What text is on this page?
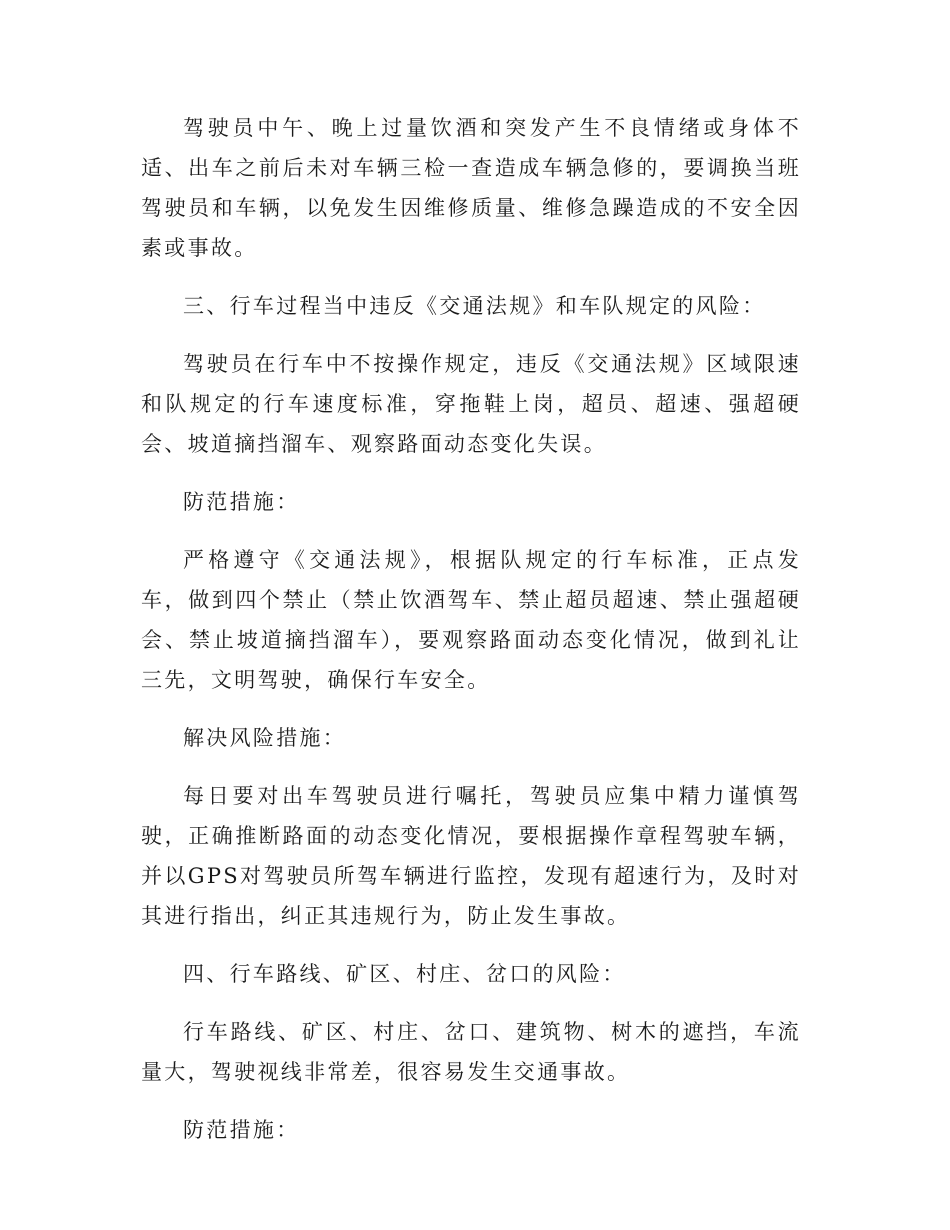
驾驶员中午、晚上过量饮酒和突发产生不良情绪或身体不适、出车之前后未对车辆三检一查造成车辆急修的，要调换当班驾驶员和车辆，以免发生因维修质量、维修急躁造成的不安全因素或事故。

三、行车过程当中违反《交通法规》和车队规定的风险：

驾驶员在行车中不按操作规定，违反《交通法规》区域限速和队规定的行车速度标准，穿拖鞋上岗，超员、超速、强超硬会、坡道摘挡溜车、观察路面动态变化失误。

防范措施：

严格遵守《交通法规》，根据队规定的行车标准，正点发车，做到四个禁止（禁止饮酒驾车、禁止超员超速、禁止强超硬会、禁止坡道摘挡溜车），要观察路面动态变化情况，做到礼让三先，文明驾驶，确保行车安全。

解决风险措施：

每日要对出车驾驶员进行嘱托，驾驶员应集中精力谨慎驾驶，正确推断路面的动态变化情况，要根据操作章程驾驶车辆，并以GPS对驾驶员所驾车辆进行监控，发现有超速行为，及时对其进行指出，纠正其违规行为，防止发生事故。

四、行车路线、矿区、村庄、岔口的风险：

行车路线、矿区、村庄、岔口、建筑物、树木的遮挡，车流量大，驾驶视线非常差，很容易发生交通事故。

防范措施：
